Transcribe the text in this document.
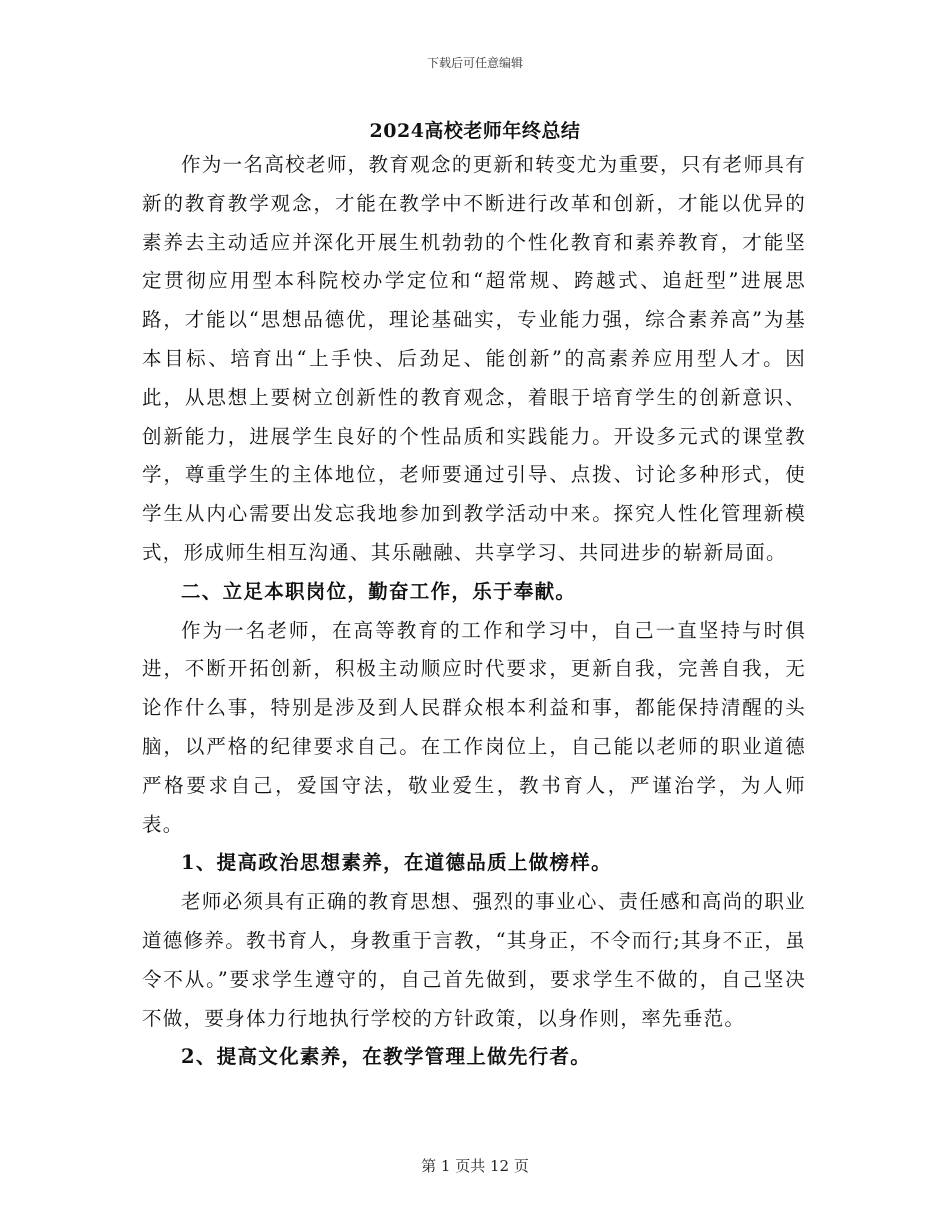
下载后可任意编辑
2024高校老师年终总结

作为一名高校老师，教育观念的更新和转变尤为重要，只有老师具有新的教育教学观念，才能在教学中不断进行改革和创新，才能以优异的素养去主动适应并深化开展生机勃勃的个性化教育和素养教育，才能坚定贯彻应用型本科院校办学定位和“超常规、跨越式、追赶型”进展思路，才能以“思想品德优，理论基础实，专业能力强，综合素养高”为基本目标、培育出“上手快、后劲足、能创新”的高素养应用型人才。因此，从思想上要树立创新性的教育观念，着眼于培育学生的创新意识、创新能力，进展学生良好的个性品质和实践能力。开设多元式的课堂教学，尊重学生的主体地位，老师要通过引导、点拨、讨论多种形式，使学生从内心需要出发忘我地参加到教学活动中来。探究人性化管理新模式，形成师生相互沟通、其乐融融、共享学习、共同进步的崭新局面。

二、立足本职岗位，勤奋工作，乐于奉献。

作为一名老师，在高等教育的工作和学习中，自己一直坚持与时俱进，不断开拓创新，积极主动顺应时代要求，更新自我，完善自我，无论作什么事，特别是涉及到人民群众根本利益和事，都能保持清醒的头脑，以严格的纪律要求自己。在工作岗位上，自己能以老师的职业道德严格要求自己，爱国守法，敬业爱生，教书育人，严谨治学，为人师表。

1、提高政治思想素养，在道德品质上做榜样。

老师必须具有正确的教育思想、强烈的事业心、责任感和高尚的职业道德修养。教书育人，身教重于言教，“其身正，不令而行;其身不正，虽令不从。”要求学生遵守的，自己首先做到，要求学生不做的，自己坚决不做，要身体力行地执行学校的方针政策，以身作则，率先垂范。

2、提高文化素养，在教学管理上做先行者。

第 1 页共 12 页
